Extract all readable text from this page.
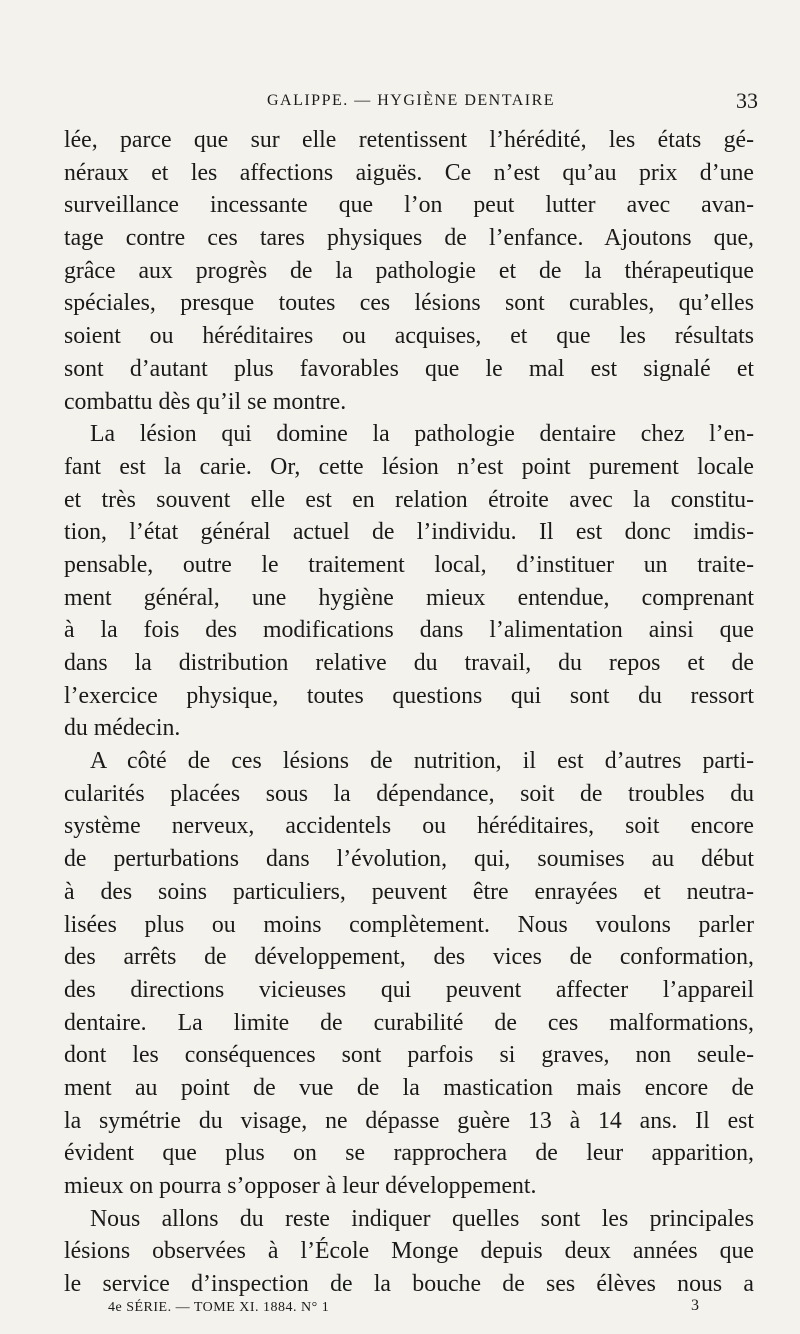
GALIPPE. — HYGIÈNE DENTAIRE	33
lée, parce que sur elle retentissent l’hérédité, les états gé-
néraux et les affections aiguës. Ce n’est qu’au prix d’une
surveillance incessante que l’on peut lutter avec avan-
tage contre ces tares physiques de l’enfance. Ajoutons que,
grâce aux progrès de la pathologie et de la thérapeutique
spéciales, presque toutes ces lésions sont curables, qu’elles
soient ou héréditaires ou acquises, et que les résultats
sont d’autant plus favorables que le mal est signalé et
combattu dès qu’il se montre.
La lésion qui domine la pathologie dentaire chez l’en-
fant est la carie. Or, cette lésion n’est point purement locale
et très souvent elle est en relation étroite avec la constitu-
tion, l’état général actuel de l’individu. Il est donc imdis-
pensable, outre le traitement local, d’instituer un traite-
ment général, une hygiène mieux entendue, comprenant
à la fois des modifications dans l’alimentation ainsi que
dans la distribution relative du travail, du repos et de
l’exercice physique, toutes questions qui sont du ressort
du médecin.
A côté de ces lésions de nutrition, il est d’autres parti-
cularités placées sous la dépendance, soit de troubles du
système nerveux, accidentels ou héréditaires, soit encore
de perturbations dans l’évolution, qui, soumises au début
à des soins particuliers, peuvent être enrayées et neutra-
lisées plus ou moins complètement. Nous voulons parler
des arrêts de développement, des vices de conformation,
des directions vicieuses qui peuvent affecter l’appareil
dentaire. La limite de curabilité de ces malformations,
dont les conséquences sont parfois si graves, non seule-
ment au point de vue de la mastication mais encore de
la symétrie du visage, ne dépasse guère 13 à 14 ans. Il est
évident que plus on se rapprochera de leur apparition,
mieux on pourra s’opposer à leur développement.
Nous allons du reste indiquer quelles sont les principales
lésions observées à l’École Monge depuis deux années que
le service d’inspection de la bouche de ses élèves nous a
4e SÉRIE. — TOME XI. 1884. N° 1	3
